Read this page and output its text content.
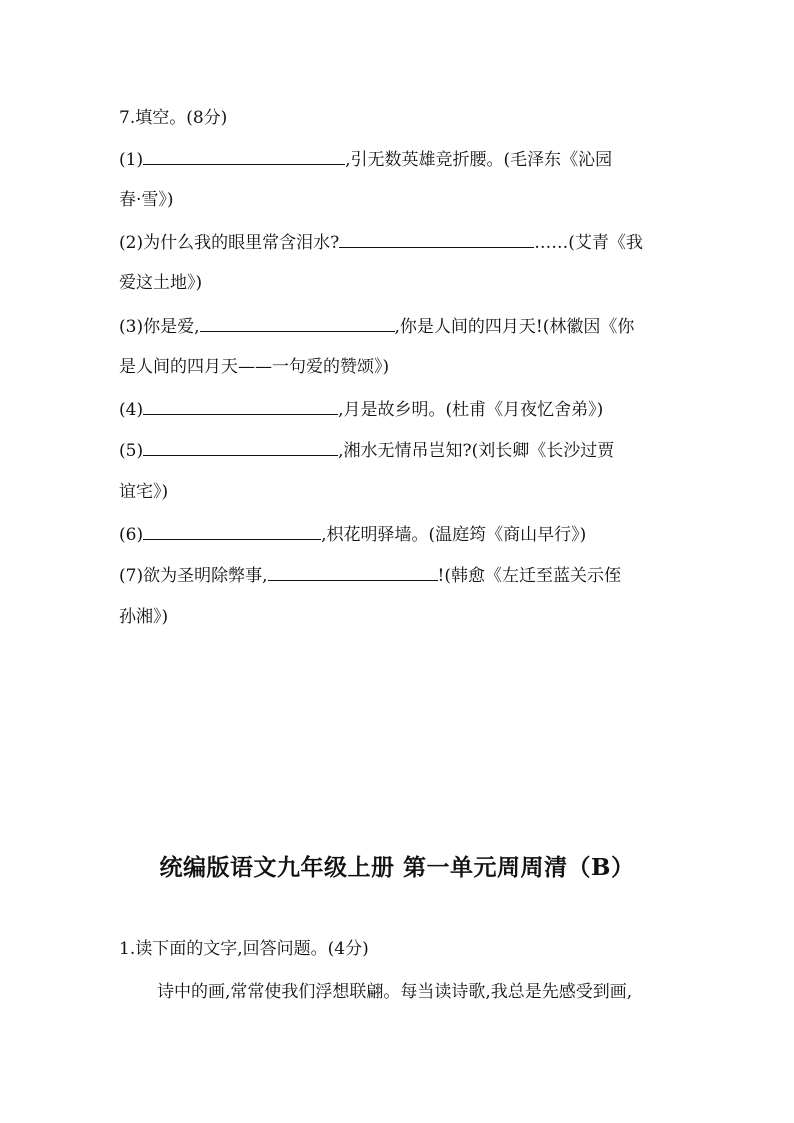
7.填空。(8分)
(1)	,引无数英雄竞折腰。(毛泽东《沁园
春·雪》)
(2)为什么我的眼里常含泪水?	……(艾青《我
爱这土地》)
(3)你是爱,	,你是人间的四月天!(林徽因《你
是人间的四月天——一句爱的赞颂》)
(4)	,月是故乡明。(杜甫《月夜忆舍弟》)
(5)	,湘水无情吊岂知?(刘长卿《长沙过贾
谊宅》)
(6)	,枳花明驿墙。(温庭筠《商山早行》)
(7)欲为圣明除弊事,	!(韩愈《左迁至蓝关示侄
孙湘》)
统编版语文九年级上册 第一单元周周清（B）
1.读下面的文字,回答问题。(4分)
诗中的画,常常使我们浮想联翩。每当读诗歌,我总是先感受到画,
